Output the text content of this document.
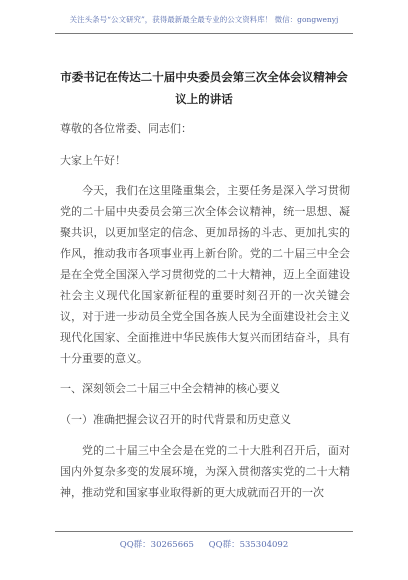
关注头条号“公文研究”，获得最新最全最专业的公文资料库！ 微信：gongwenyj
市委书记在传达二十届中央委员会第三次全体会议精神会议上的讲话
尊敬的各位常委、同志们：
大家上午好！
今天，我们在这里隆重集会，主要任务是深入学习贯彻党的二十届中央委员会第三次全体会议精神，统一思想、凝聚共识，以更加坚定的信念、更加昂扬的斗志、更加扎实的作风，推动我市各项事业再上新台阶。党的二十届三中全会是在全党全国深入学习贯彻党的二十大精神，迈上全面建设社会主义现代化国家新征程的重要时刻召开的一次关键会议，对于进一步动员全党全国各族人民为全面建设社会主义现代化国家、全面推进中华民族伟大复兴而团结奋斗，具有十分重要的意义。
一、深刻领会二十届三中全会精神的核心要义
（一）准确把握会议召开的时代背景和历史意义
党的二十届三中全会是在党的二十大胜利召开后，面对国内外复杂多变的发展环境，为深入贯彻落实党的二十大精神，推动党和国家事业取得新的更大成就而召开的一次
QQ群：30265665 QQ群：535304092
